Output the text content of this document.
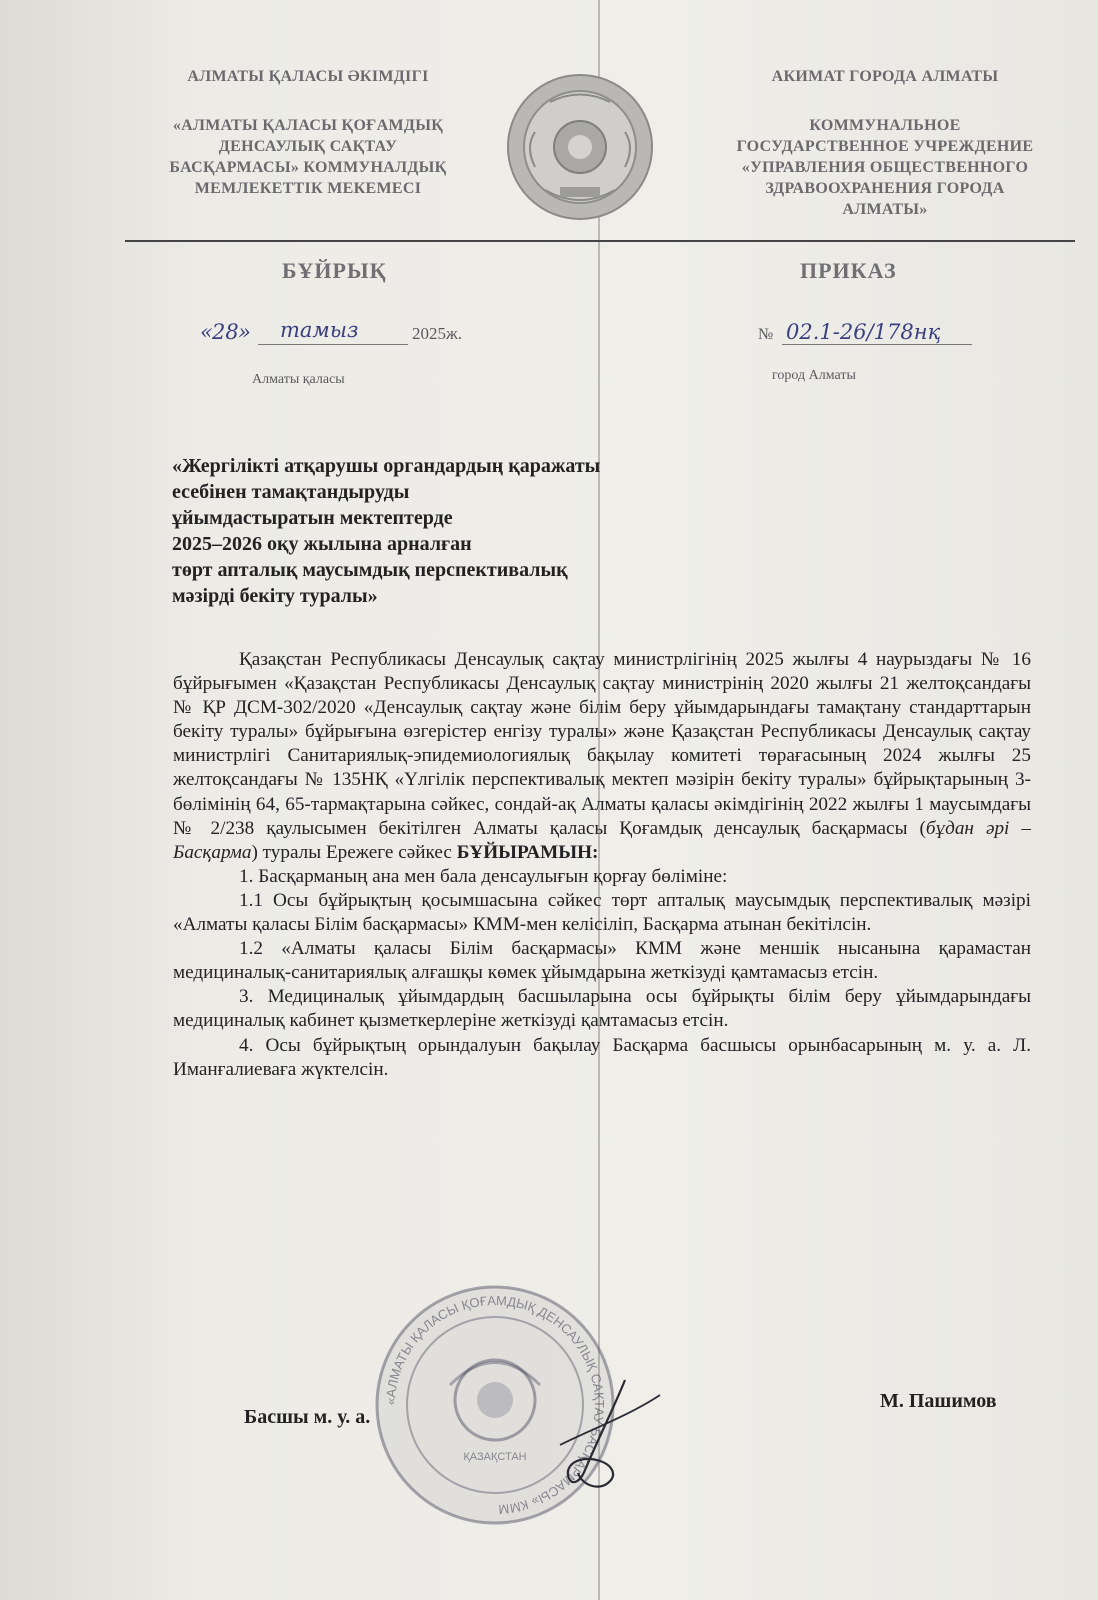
АЛМАТЫ ҚАЛАСЫ ӘКІМДІГІ
«АЛМАТЫ ҚАЛАСЫ ҚОҒАМДЫҚ
ДЕНСАУЛЫҚ САҚТАУ
БАСҚАРМАСЫ» КОММУНАЛДЫҚ
МЕМЛЕКЕТТІК МЕКЕМЕСІ
АКИМАТ ГОРОДА АЛМАТЫ
КОММУНАЛЬНОЕ
ГОСУДАРСТВЕННОЕ УЧРЕЖДЕНИЕ
«УПРАВЛЕНИЯ ОБЩЕСТВЕННОГО
ЗДРАВООХРАНЕНИЯ ГОРОДА
АЛМАТЫ»
БҰЙРЫҚ	ПРИКАЗ
« 28 » тамыз	2025ж.
Алматы қаласы
№ 02.1-26/178нқ
город Алматы
«Жергілікті атқарушы органдардың қаражаты
есебінен тамақтандыруды
ұйымдастыратын мектептерде
2025–2026 оқу жылына арналған
төрт апталық маусымдық перспективалық
мәзірді бекіту туралы»

Қазақстан Республикасы Денсаулық сақтау министрлігінің 2025 жылғы 4 наурыздағы № 16 бұйрығымен «Қазақстан Республикасы Денсаулық сақтау министрінің 2020 жылғы 21 желтоқсандағы № ҚР ДСМ-302/2020 «Денсаулық сақтау және білім беру ұйымдарындағы тамақтану стандарттарын бекіту туралы» бұйрығына өзгерістер енгізу туралы» және Қазақстан Республикасы Денсаулық сақтау министрлігі Санитариялық-эпидемиологиялық бақылау комитеті төрағасының 2024 жылғы 25 желтоқсандағы № 135НҚ «Үлгілік перспективалық мектеп мәзірін бекіту туралы» бұйрықтарының 3-бөлімінің 64, 65-тармақтарына сәйкес, сондай-ақ Алматы қаласы әкімдігінің 2022 жылғы 1 маусымдағы № 2/238 қаулысымен бекітілген Алматы қаласы Қоғамдық денсаулық басқармасы (бұдан әрі – Басқарма) туралы Ережеге сәйкес БҰЙЫРАМЫН:

1. Басқарманың ана мен бала денсаулығын қорғау бөліміне:

1.1 Осы бұйрықтың қосымшасына сәйкес төрт апталық маусымдық перспективалық мәзірі «Алматы қаласы Білім басқармасы» КММ-мен келісіліп, Басқарма атынан бекітілсін.

1.2 «Алматы қаласы Білім басқармасы» КММ және меншік нысанына қарамастан медициналық-санитариялық алғашқы көмек ұйымдарына жеткізуді қамтамасыз етсін.

3. Медициналық ұйымдардың басшыларына осы бұйрықты білім беру ұйымдарындағы медициналық кабинет қызметкерлеріне жеткізуді қамтамасыз етсін.

4. Осы бұйрықтың орындалуын бақылау Басқарма басшысы орынбасарының м. у. а. Л. Иманғалиеваға жүктелсін.

«АЛМАТЫ ҚАЛАСЫ ҚОҒАМДЫҚ ДЕНСАУЛЫҚ САҚТАУ БАСҚАРМАСЫ» КММ
ҚАЗАҚСТАН
Басшы м. у. а.
М. Пашимов
